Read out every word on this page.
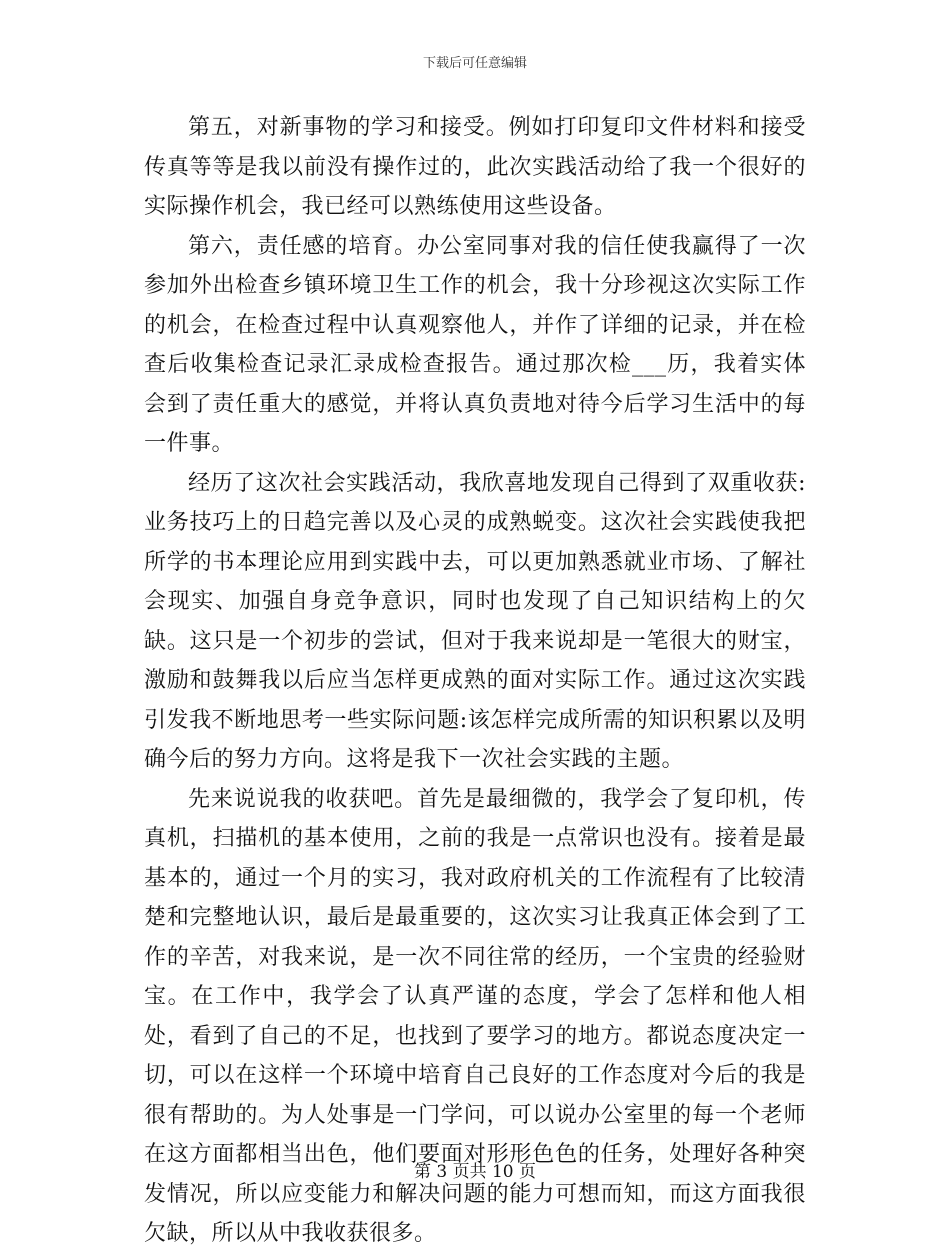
下载后可任意编辑

第五，对新事物的学习和接受。例如打印复印文件材料和接受传真等等是我以前没有操作过的，此次实践活动给了我一个很好的实际操作机会，我已经可以熟练使用这些设备。

第六，责任感的培育。办公室同事对我的信任使我赢得了一次参加外出检查乡镇环境卫生工作的机会，我十分珍视这次实际工作的机会，在检查过程中认真观察他人，并作了详细的记录，并在检查后收集检查记录汇录成检查报告。通过那次检___历，我着实体会到了责任重大的感觉，并将认真负责地对待今后学习生活中的每一件事。

经历了这次社会实践活动，我欣喜地发现自己得到了双重收获:业务技巧上的日趋完善以及心灵的成熟蜕变。这次社会实践使我把所学的书本理论应用到实践中去，可以更加熟悉就业市场、了解社会现实、加强自身竞争意识，同时也发现了自己知识结构上的欠缺。这只是一个初步的尝试，但对于我来说却是一笔很大的财宝，激励和鼓舞我以后应当怎样更成熟的面对实际工作。通过这次实践引发我不断地思考一些实际问题:该怎样完成所需的知识积累以及明确今后的努力方向。这将是我下一次社会实践的主题。

先来说说我的收获吧。首先是最细微的，我学会了复印机，传真机，扫描机的基本使用，之前的我是一点常识也没有。接着是最基本的，通过一个月的实习，我对政府机关的工作流程有了比较清楚和完整地认识，最后是最重要的，这次实习让我真正体会到了工作的辛苦，对我来说，是一次不同往常的经历，一个宝贵的经验财宝。在工作中，我学会了认真严谨的态度，学会了怎样和他人相处，看到了自己的不足，也找到了要学习的地方。都说态度决定一切，可以在这样一个环境中培育自己良好的工作态度对今后的我是很有帮助的。为人处事是一门学问，可以说办公室里的每一个老师在这方面都相当出色，他们要面对形形色色的任务，处理好各种突发情况，所以应变能力和解决问题的能力可想而知，而这方面我很欠缺，所以从中我收获很多。

第 3 页共 10 页
